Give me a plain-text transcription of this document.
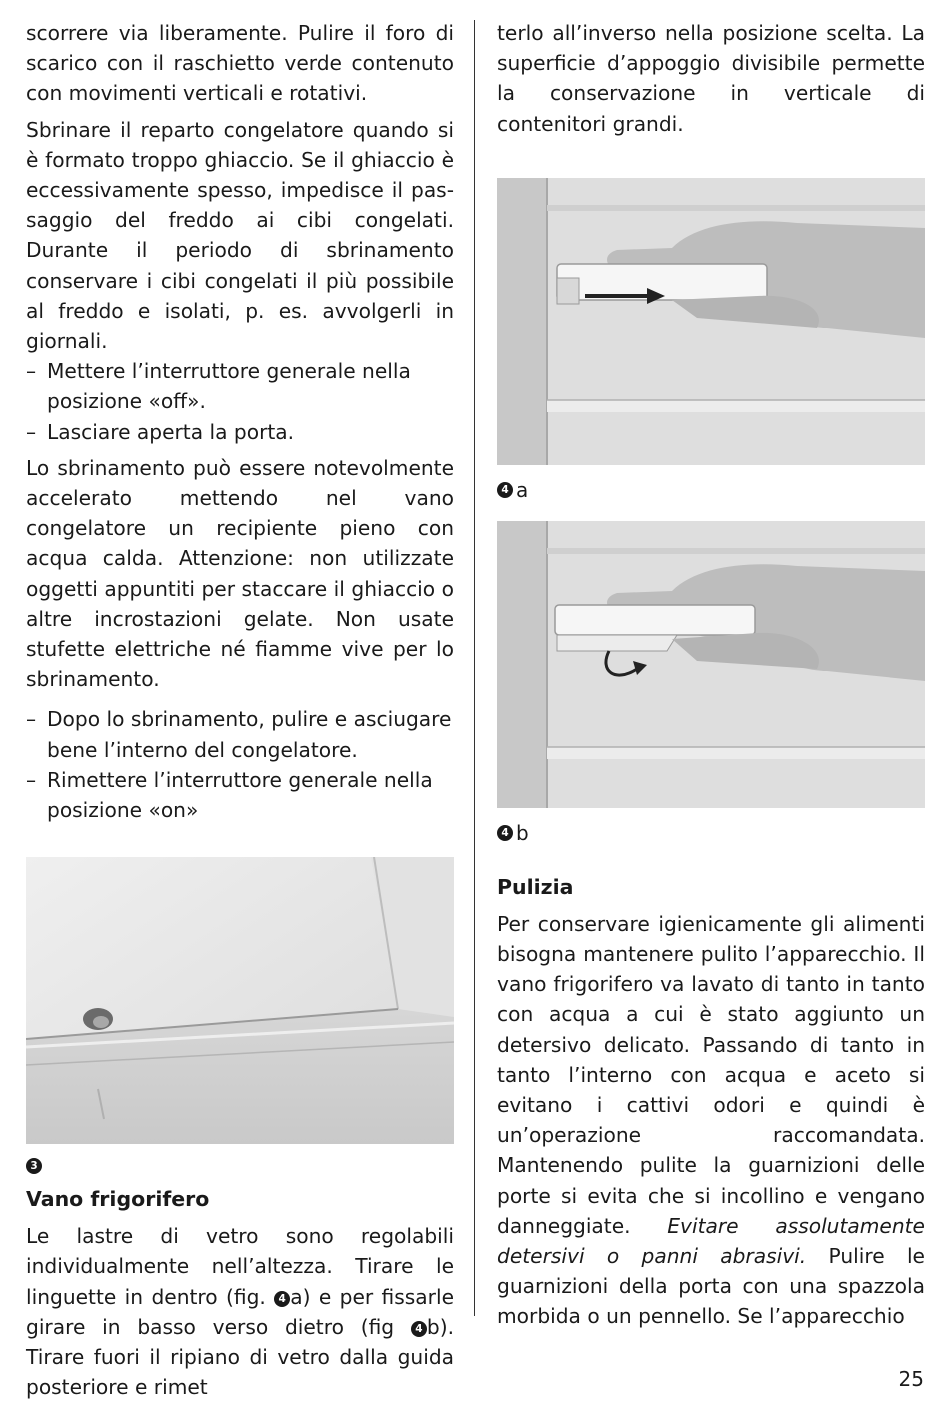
scorrere via liberamente. Pulire il foro di scarico con il raschietto verde contenuto con movimenti verticali e rotativi.

Sbrinare il reparto congelatore quando si è formato troppo ghiaccio. Se il ghiaccio è eccessivamente spesso, impedisce il passaggio del freddo ai cibi congelati. Durante il periodo di sbrinamento conservare i cibi congelati il più possibile al freddo e isolati, p. es. avvolgerli in giornali.

– Mettere l’interruttore generale nella posizione «off».
– Lasciare aperta la porta.

Lo sbrinamento può essere notevolmente accelerato mettendo nel vano congelatore un recipiente pieno con acqua calda. Attenzione: non utilizzate oggetti appuntiti per staccare il ghiaccio o altre incrostazioni gelate. Non usate stufette elettriche né fiamme vive per lo sbrinamento.

– Dopo lo sbrinamento, pulire e asciugare bene l’interno del congelatore.
– Rimettere l’interruttore generale nella posizione «on»
3
Vano frigorifero

Le lastre di vetro sono regolabili individualmente nell’altezza. Tirare le linguette in dentro (fig. 4 a) e per fissarle girare in basso verso dietro (fig 4 b). Tirare fuori il ripiano di vetro dalla guida posteriore e rimet

terlo all’inverso nella posizione scelta. La superficie d’appoggio divisibile permette la conservazione in verticale di contenitori grandi.

4 a
4 b
Pulizia

Per conservare igienicamente gli alimenti bisogna mantenere pulito l’apparecchio. Il vano frigorifero va lavato di tanto in tanto con acqua a cui è stato aggiunto un detersivo delicato. Passando di tanto in tanto l’interno con acqua e aceto si evitano i cattivi odori e quindi è un’operazione raccomandata. Mantenendo pulite la guarnizioni delle porte si evita che si incollino e vengano danneggiate. Evitare assolutamente detersivi o panni abrasivi. Pulire le guarnizioni della porta con una spazzola morbida o un pennello. Se l’apparecchio

25
